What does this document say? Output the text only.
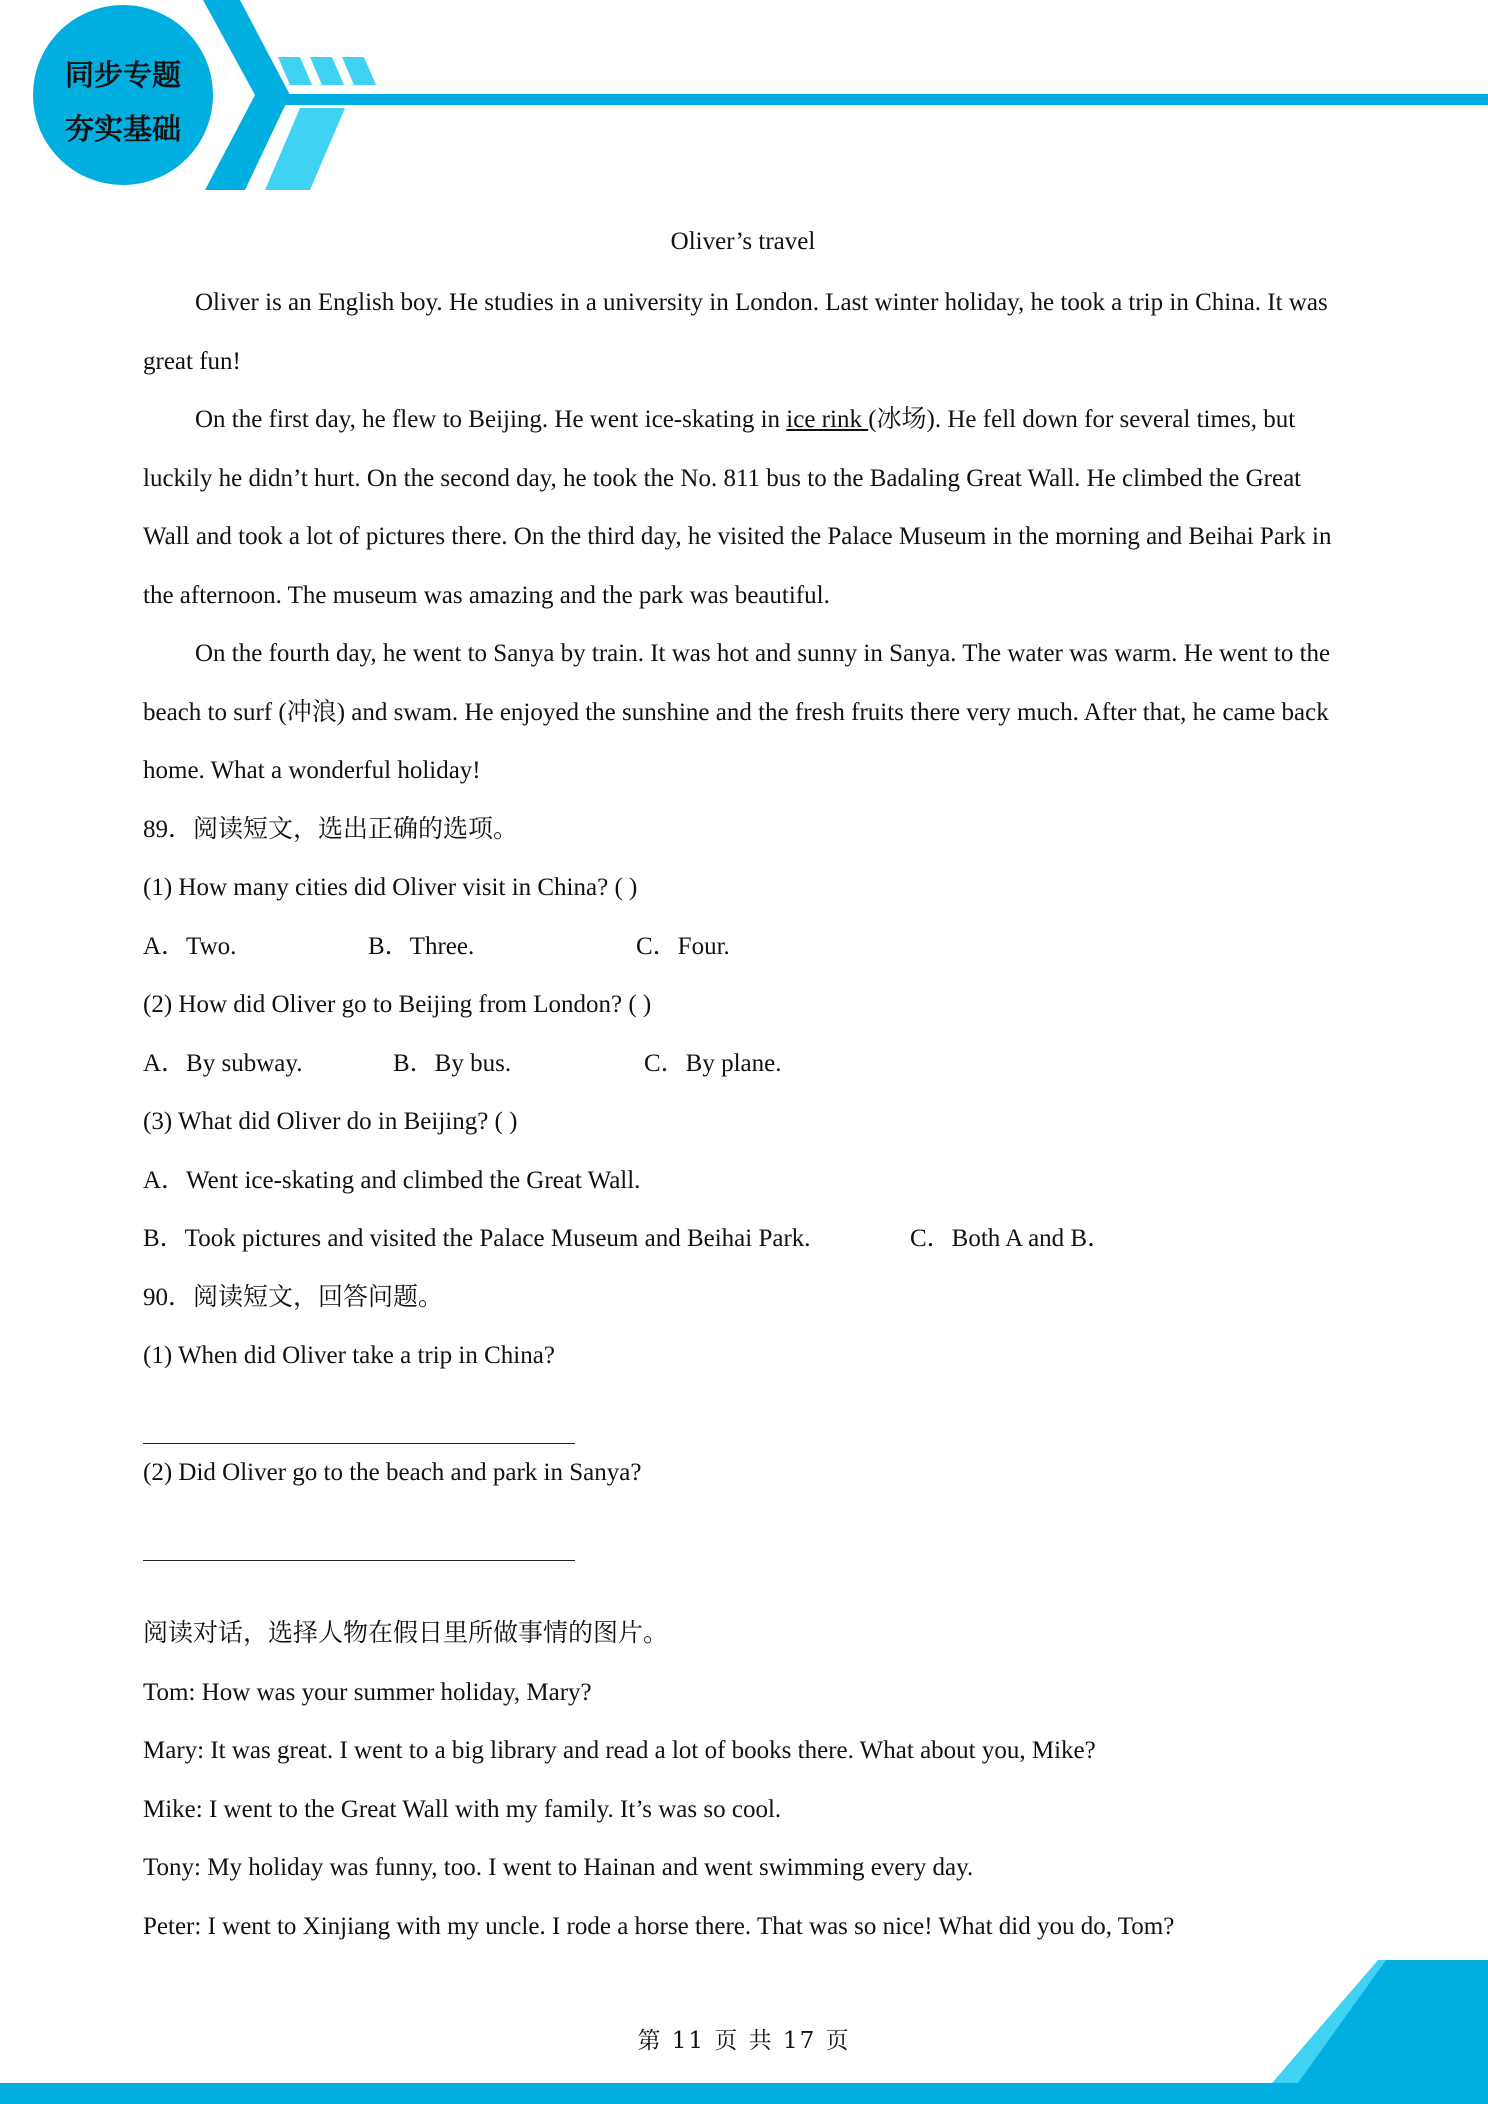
同步专题
夯实基础
Oliver’s travel

Oliver is an English boy. He studies in a university in London. Last winter holiday, he took a trip in China. It was great fun!

On the first day, he flew to Beijing. He went ice-skating in ice rink (冰场). He fell down for several times, but luckily he didn’t hurt. On the second day, he took the No. 811 bus to the Badaling Great Wall. He climbed the Great Wall and took a lot of pictures there. On the third day, he visited the Palace Museum in the morning and Beihai Park in the afternoon. The museum was amazing and the park was beautiful.

On the fourth day, he went to Sanya by train. It was hot and sunny in Sanya. The water was warm. He went to the beach to surf (冲浪) and swam. He enjoyed the sunshine and the fresh fruits there very much. After that, he came back home. What a wonderful holiday!

89．阅读短文，选出正确的选项。

(1) How many cities did Oliver visit in China? ( )

A．Two.	B．Three.	C．Four.

(2) How did Oliver go to Beijing from London? ( )

A．By subway.	B．By bus.	C．By plane.

(3) What did Oliver do in Beijing? ( )

A．Went ice-skating and climbed the Great Wall.

B．Took pictures and visited the Palace Museum and Beihai Park.	C．Both A and B．

90．阅读短文，回答问题。

(1) When did Oliver take a trip in China?

(2) Did Oliver go to the beach and park in Sanya?

阅读对话，选择人物在假日里所做事情的图片。

Tom: How was your summer holiday, Mary?

Mary: It was great. I went to a big library and read a lot of books there. What about you, Mike?

Mike: I went to the Great Wall with my family. It’s was so cool.

Tony: My holiday was funny, too. I went to Hainan and went swimming every day.

Peter: I went to Xinjiang with my uncle. I rode a horse there. That was so nice! What did you do, Tom?

第 11 页 共 17 页
